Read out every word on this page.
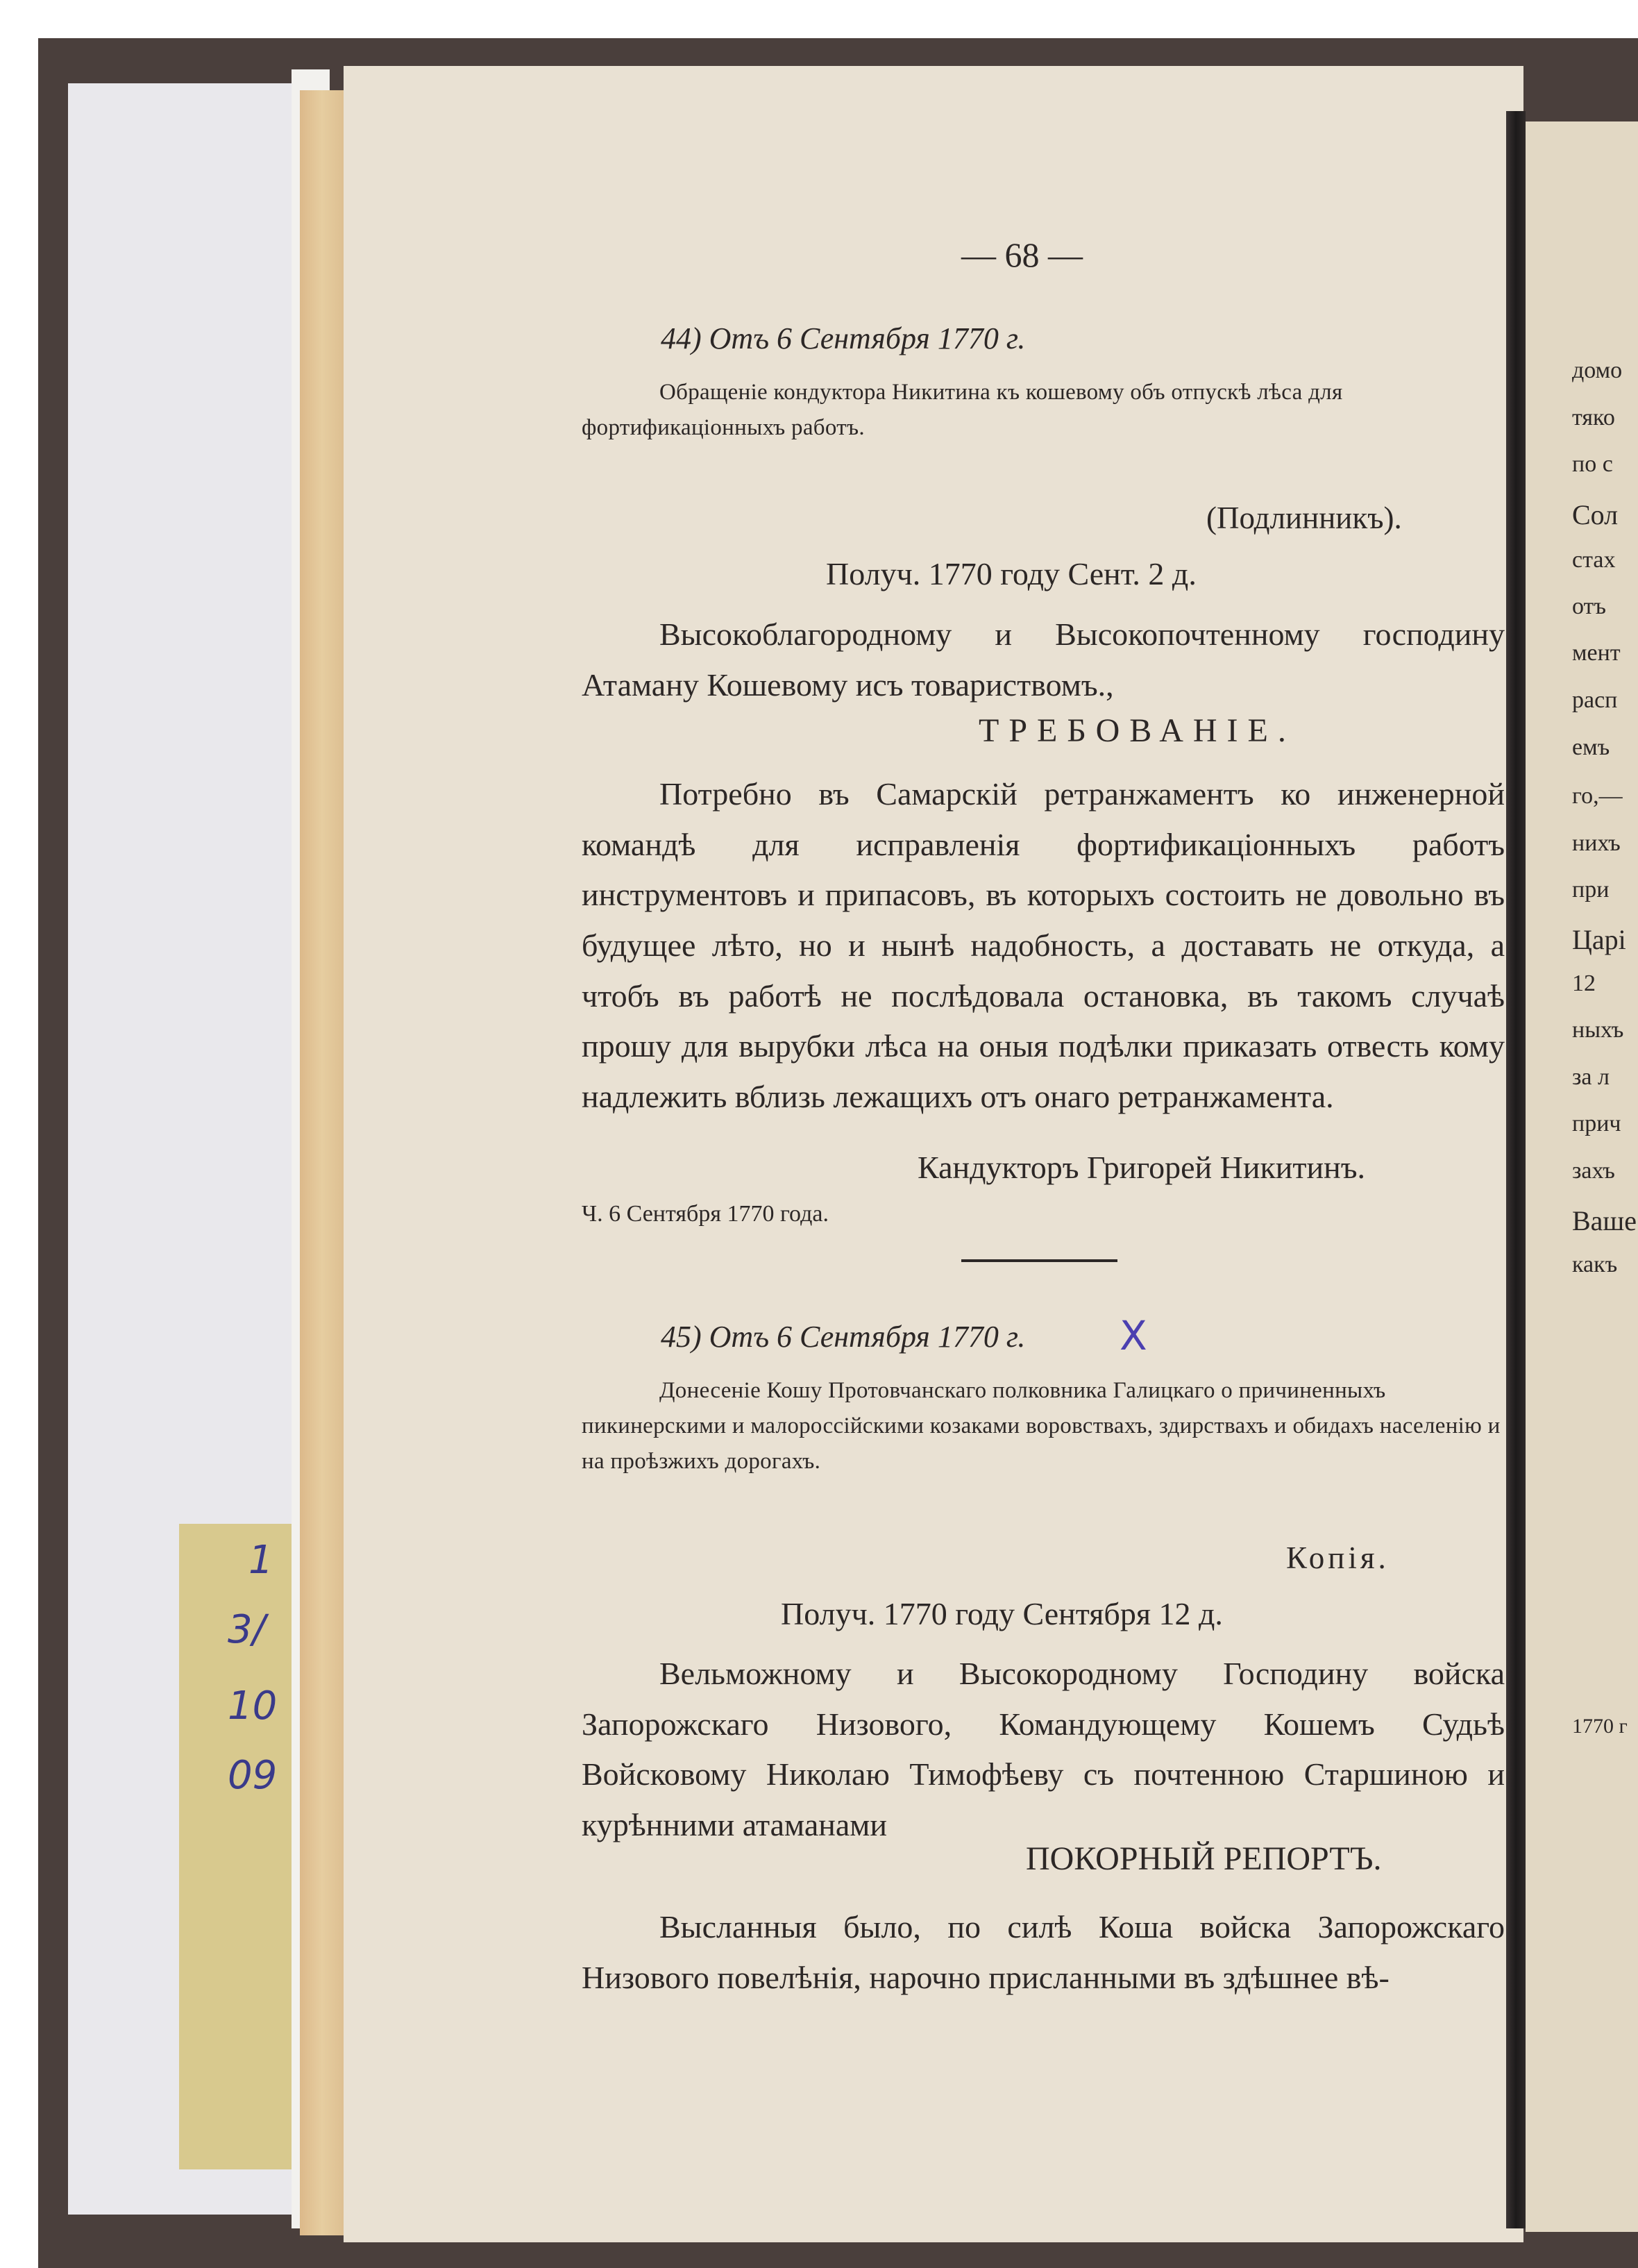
1
3/
10
09
домо
тяко
по с
Сол
стах
отъ
мент
расп
емъ
го,—
нихъ
при
Царі
12
ныхъ
за л
прич
захъ
Ваше
какъ
1770 г
— 68 —
44) Отъ 6 Сентября 1770 г.
Обращеніе кондуктора Никитина къ кошевому объ отпускѣ лѣса для фортификаціонныхъ работъ.
(Подлинникъ).
Получ. 1770 году Сент. 2 д.
Высокоблагородному и Высокопочтенному господину Атаману Кошевому исъ товариствомъ.,
ТРЕБОВАНІЕ.

Потребно въ Самарскій ретранжаментъ ко инженерной командѣ для исправленія фортификаціонныхъ работъ инструментовъ и припасовъ, въ которыхъ состоить не довольно въ будущее лѣто, но и нынѣ надобность, а доставать не откуда, а чтобъ въ работѣ не послѣдовала остановка, въ такомъ случаѣ прошу для вырубки лѣса на оныя подѣлки приказать отвесть кому надлежить вблизь лежащихъ отъ онаго ретранжамента.

Кандукторъ Григорей Никитинъ.
Ч. 6 Сентября 1770 года.
45) Отъ 6 Сентября 1770 г. X
Донесеніе Кошу Протовчанскаго полковника Галицкаго о причиненныхъ пикинерскими и малороссійскими козаками воровствахъ, здирствахъ и обидахъ населенію и на проѣзжихъ дорогахъ.
Копія.
Получ. 1770 году Сентября 12 д.
Вельможному и Высокородному Господину войска Запорожскаго Низового, Командующему Кошемъ Судьѣ Войсковому Николаю Тимофѣеву съ почтенною Старшиною и курѣнними атаманами
ПОКОРНЫЙ РЕПОРТЪ.

Высланныя было, по силѣ Коша войска Запорожскаго Низового повелѣнія, нарочно присланными въ здѣшнее вѣ-
